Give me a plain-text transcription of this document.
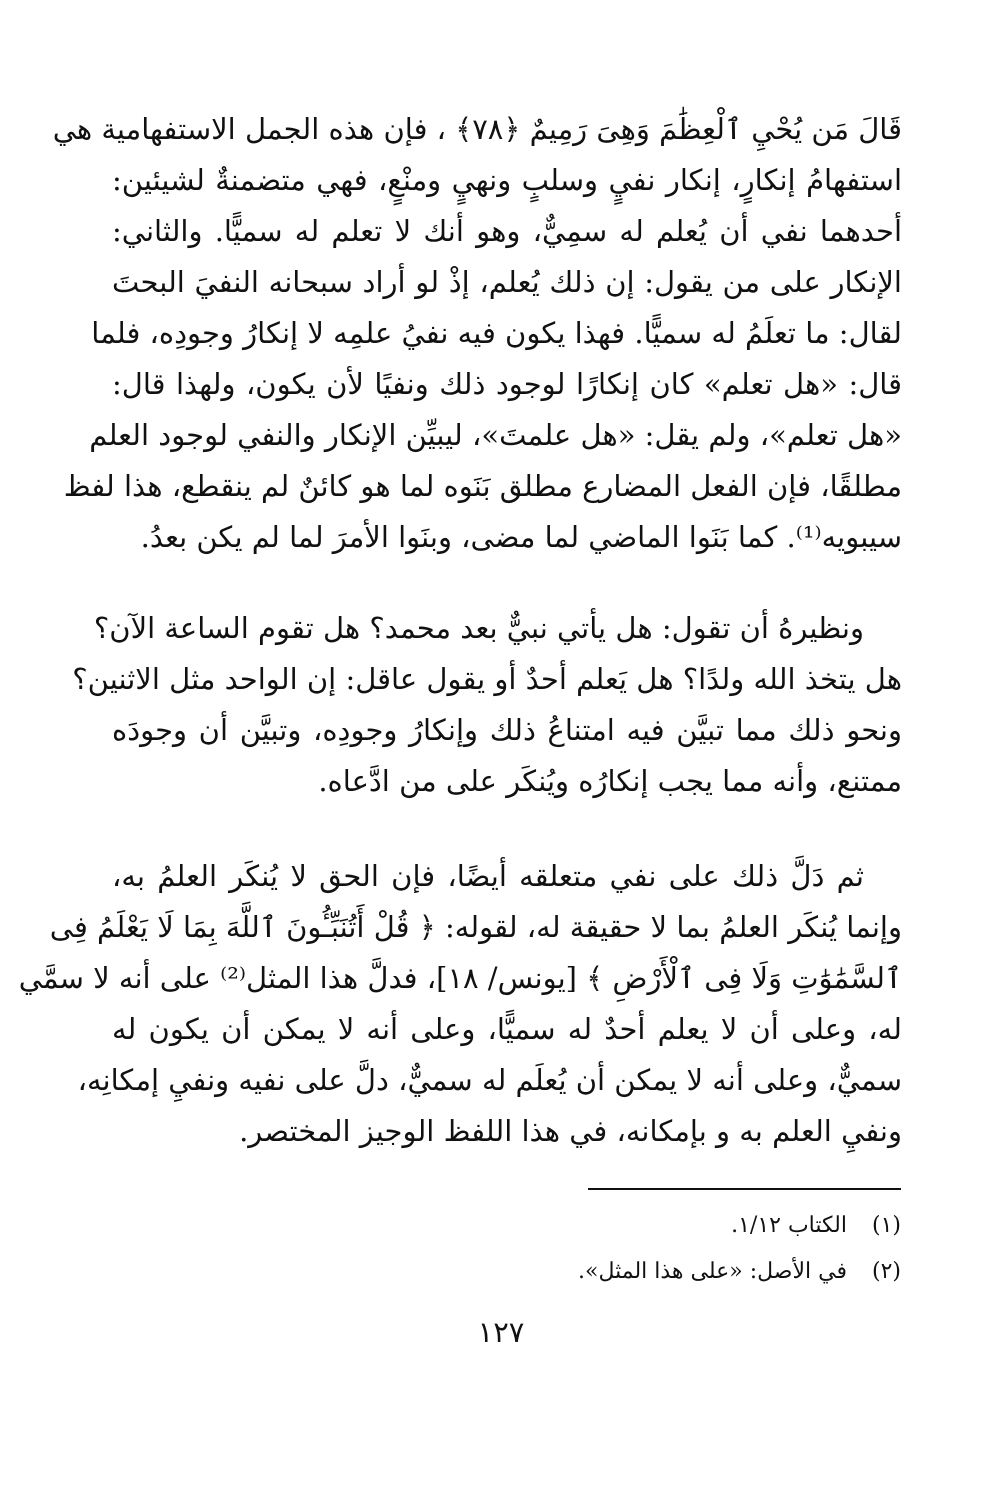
قَالَ مَن يُحْيِ ٱلْعِظَٰمَ وَهِىَ رَمِيمٌ ﴿٧٨﴾ ، فإن هذه الجمل الاستفهامية هي
استفهامُ إنكارٍ، إنكار نفيٍ وسلبٍ ونهيٍ ومنْعٍ، فهي متضمنةٌ لشيئين:
أحدهما نفي أن يُعلم له سمِيٌّ، وهو أنك لا تعلم له سميًّا. والثاني:
الإنكار على من يقول: إن ذلك يُعلم، إذْ لو أراد سبحانه النفيَ البحتَ
لقال: ما تعلَمُ له سميًّا. فهذا يكون فيه نفيُ علمِه لا إنكارُ وجودِه، فلما
قال: «هل تعلم» كان إنكارًا لوجود ذلك ونفيًا لأن يكون، ولهذا قال:
«هل تعلم»، ولم يقل: «هل علمتَ»، ليبيِّن الإنكار والنفي لوجود العلم
مطلقًا، فإن الفعل المضارع مطلق بَنَوه لما هو كائنٌ لم ينقطع، هذا لفظ
سيبويه⁽¹⁾. كما بَنَوا الماضي لما مضى، وبنَوا الأمرَ لما لم يكن بعدُ.
ونظيرهُ أن تقول: هل يأتي نبيٌّ بعد محمد؟ هل تقوم الساعة الآن؟
هل يتخذ الله ولدًا؟ هل يَعلم أحدٌ أو يقول عاقل: إن الواحد مثل الاثنين؟
ونحو ذلك مما تبيَّن فيه امتناعُ ذلك وإنكارُ وجودِه، وتبيَّن أن وجودَه
ممتنع، وأنه مما يجب إنكارُه ويُنكَر على من ادَّعاه.
ثم دَلَّ ذلك على نفي متعلقه أيضًا، فإن الحق لا يُنكَر العلمُ به،
وإنما يُنكَر العلمُ بما لا حقيقة له، لقوله: ﴿ قُلْ أَتُنَبِّـُٔونَ ٱللَّهَ بِمَا لَا يَعْلَمُ فِى
ٱلسَّمَٰوَٰتِ وَلَا فِى ٱلْأَرْضِ ﴾ [يونس/ ١٨]، فدلَّ هذا المثل⁽²⁾ على أنه لا سمَّي
له، وعلى أن لا يعلم أحدٌ له سميًّا، وعلى أنه لا يمكن أن يكون له
سميٌّ، وعلى أنه لا يمكن أن يُعلَم له سميٌّ، دلَّ على نفيه ونفيِ إمكانِه،
ونفيِ العلم به و بإمكانه، في هذا اللفظ الوجيز المختصر.
(١) الكتاب ١/١٢.
(٢) في الأصل: «على هذا المثل».
١٢٧
